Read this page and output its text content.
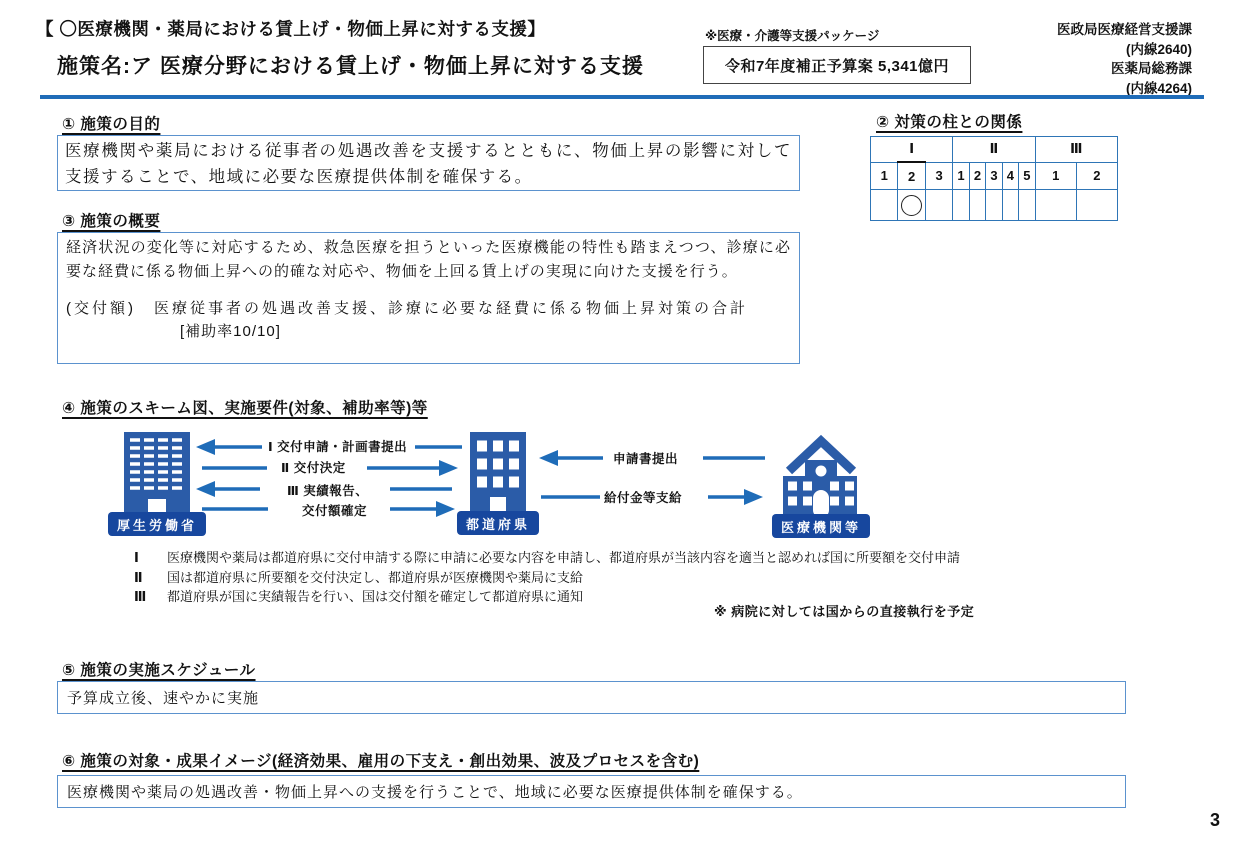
【 〇医療機関・薬局における賃上げ・物価上昇に対する支援】
施策名:ア 医療分野における賃上げ・物価上昇に対する支援
※医療・介護等支援パッケージ
令和7年度補正予算案 5,341億円
医政局医療経営支援課
(内線2640)
医薬局総務課
(内線4264)
① 施策の目的

医療機関や薬局における従事者の処遇改善を支援するとともに、物価上昇の影響に対して支援することで、地域に必要な医療提供体制を確保する。

② 対策の柱との関係
Ⅰ			Ⅱ					Ⅲ	
1	2	3	1	2	3	4	5	1	2

③ 施策の概要

経済状況の変化等に対応するため、救急医療を担うといった医療機能の特性も踏まえつつ、診療に必要な経費に係る物価上昇への的確な対応や、物価を上回る賃上げの実現に向けた支援を行う。

(交付額) 医療従事者の処遇改善支援、診療に必要な経費に係る物価上昇対策の合計
[補助率10/10]
④ 施策のスキーム図、実施要件(対象、補助率等)等
Ⅰ 交付申請・計画書提出
Ⅱ 交付決定
Ⅲ 実績報告、
交付額確定
申請書提出
給付金等支給
厚生労働省	都道府県	医療機関等
Ⅰ	医療機関や薬局は都道府県に交付申請する際に申請に必要な内容を申請し、都道府県が当該内容を適当と認めれば国に所要額を交付申請
Ⅱ	国は都道府県に所要額を交付決定し、都道府県が医療機関や薬局に支給
Ⅲ	都道府県が国に実績報告を行い、国は交付額を確定して都道府県に通知
※ 病院に対しては国からの直接執行を予定
⑤ 施策の実施スケジュール

予算成立後、速やかに実施

⑥ 施策の対象・成果イメージ(経済効果、雇用の下支え・創出効果、波及プロセスを含む)

医療機関や薬局の処遇改善・物価上昇への支援を行うことで、地域に必要な医療提供体制を確保する。

3
